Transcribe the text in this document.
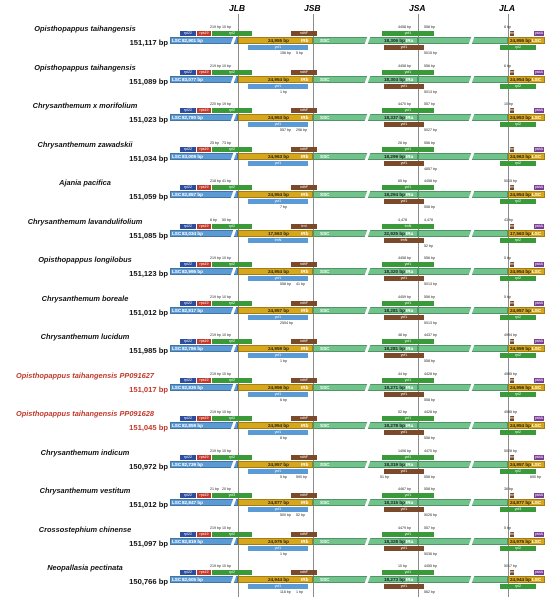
JLB	JSB	JSA	JLA
Opisthopappus taihangensis
151,117 bp LSC 82,901 bp	24,955 bp	IRb	SSC	18,306 bp IRa	24,955 bp LSC
rpl22	rps19	rpl2	ndhF	ycf1	trnH	psbA
ycf1	ycf1	rpl2
219 bp 10 bp	4458 bp	558 bp
5015 bp
8 bp
156 bp 5 bp
Opisthopappus taihangensis
151,089 bp LSC 83,077 bp	24,954 bp	IRb	SSC	18,304 bp IRa	24,954 bp LSC
rpl22	rps19	rpl2	ndhF	ycf1	trnH	psbA
ycf1	ycf1	rpl2
219 bp 10 bp	4458 bp	556 bp
5013 bp
6 bp
1 bp
Chrysanthemum x morifolium
151,023 bp LSC 82,780 bp	24,953 bp	IRb	SSC	18,337 bp IRa	24,953 bp LSC
rpl22	rps19	rpl2	ndhF	ycf1	trnH	psbA
ycf1	ycf1	rpl2
220 bp 19 bp	4470 bp	557 bp
5027 bp
10 bp
557 bp 296 bp
Chrysanthemum zawadskii
151,034 bp LSC 83,009 bp	24,963 bp	IRb	SSC	18,299 bp IRa	24,963 bp LSC
rpl22	rps19	rpl2	ndhF	ycf1	trnH	psbA
ycf1	ycf1	rpl2
25 bp 73 bp	26 bp	556 bp
4857 bp
Ajania pacifica
151,059 bp LSC 82,857 bp	24,954 bp	IRb	SSC	18,294 bp IRa	24,954 bp LSC
rpl22	rps19	rpl2	ndhF	ycf1	trnH	psbA
ycf1	ycf1	rpl2
218 bp 41 bp	65 bp	4458 bp
558 bp
5015 bp
7 bp
Chrysanthemum lavandulifolium
151,085 bp LSC 83,034 bp	17,563 bp	IRb	SSC	32,925 bp IRa	17,563 bp LSC
rpl22	rps19	rpl2	trnI	trnN	trnH	psbA
trnN	trnN	rpl2
6 bp 50 bp	4,478	4,478
52 bp
43 bp
Opisthopappus longilobus
151,123 bp LSC 82,995 bp	24,954 bp	IRb	SSC	18,320 bp IRa	24,954 bp LSC
rpl22	rps19	rpl2	ndhF	ycf1	trnH	psbA
ycf1	ycf1	rpl2
219 bp 10 bp	4458 bp	556 bp
5013 bp
5 bp
558 bp 41 bp
Chrysanthemum boreale
151,012 bp LSC 82,917 bp	24,957 bp	IRb	SSC	18,281 bp IRa	24,957 bp LSC
rpl22	rps19	rpl2	ndhF	ycf1	trnH	psbA
ycf1	ycf1	rpl2
219 bp 10 bp	4459 bp	556 bp
5013 bp
5 bp
2554 bp
Chrysanthemum lucidum
151,985 bp LSC 82,786 bp	24,959 bp	IRb	SSC	18,281 bp IRa	24,959 bp LSC
rpl22	rps19	rpl2	ndhF	ycf1	trnH	psbA
ycf1	ycf1	rpl2
219 bp 10 bp	48 bp	4437 bp
558 bp
4994 bp
1 bp
Opisthopappus taihangensis PP091627
151,017 bp LSC 82,835 bp	24,956 bp	IRb	SSC	18,271 bp IRa	24,956 bp LSC
rpl22	rps19	rpl2	ndhF	ycf1	trnH	psbA
ycf1	ycf1	rpl2
219 bp 10 bp	44 bp	4428 bp
558 bp
4985 bp
6 bp
Opisthopappus taihangensis PP091628
151,045 bp LSC 82,859 bp	24,954 bp	IRb	SSC	18,278 bp IRa	24,954 bp LSC
rpl22	rps19	rpl2	ndhF	ycf1	trnH	psbA
ycf1	ycf1	rpl2
219 bp 10 bp	52 bp	4428 bp
558 bp
4985 bp
8 bp
Chrysanthemum indicum
150,972 bp LSC 82,739 bp	24,957 bp	IRb	SSC	18,319 bp IRa	24,957 bp LSC
rpl22	rps19	rpl2	ndhF	ycf1	trnH	psbA
ycf1	ycf1	rpl2
219 bp 10 bp	1406 bp	4470 bp
558 bp
5028 bp
5 bp	590 bp	690 bp
51 bp
Chrysanthemum vestitum
151,012 bp LSC 82,847 bp	24,877 bp	IRb	SSC	18,315 bp IRa	24,877 bp LSC
rpl22	rps19	ycf3	ndhF	ycf1	trnH	psbA
ycf1	ycf1	ycf3
21 bp 20 bp	4467 bp	558 bp
5026 bp
36 bp
500 bp 52 bp
Crossostephium chinense
151,097 bp LSC 82,819 bp	24,975 bp	IRb	SSC	18,328 bp IRa	24,975 bp LSC
rpl22	rps19	rpl2	ndhF	ycf1	trnH	psbA
ycf1	ycf1	rpl2
219 bp 10 bp	4479 bp	557 bp
5036 bp
5 bp
1 bp
Neopallasia pectinata
150,766 bp LSC 82,605 bp	24,944 bp	IRb	SSC	18,273 bp IRa	24,944 bp LSC
rpl22	rps19	rpl2	ndhF	ycf1	trnH	psbA
ycf1	ycf1	rpl2
219 bp 10 bp	10 bp	4455 bp
562 bp
5017 bp
118 bp 1 bp
